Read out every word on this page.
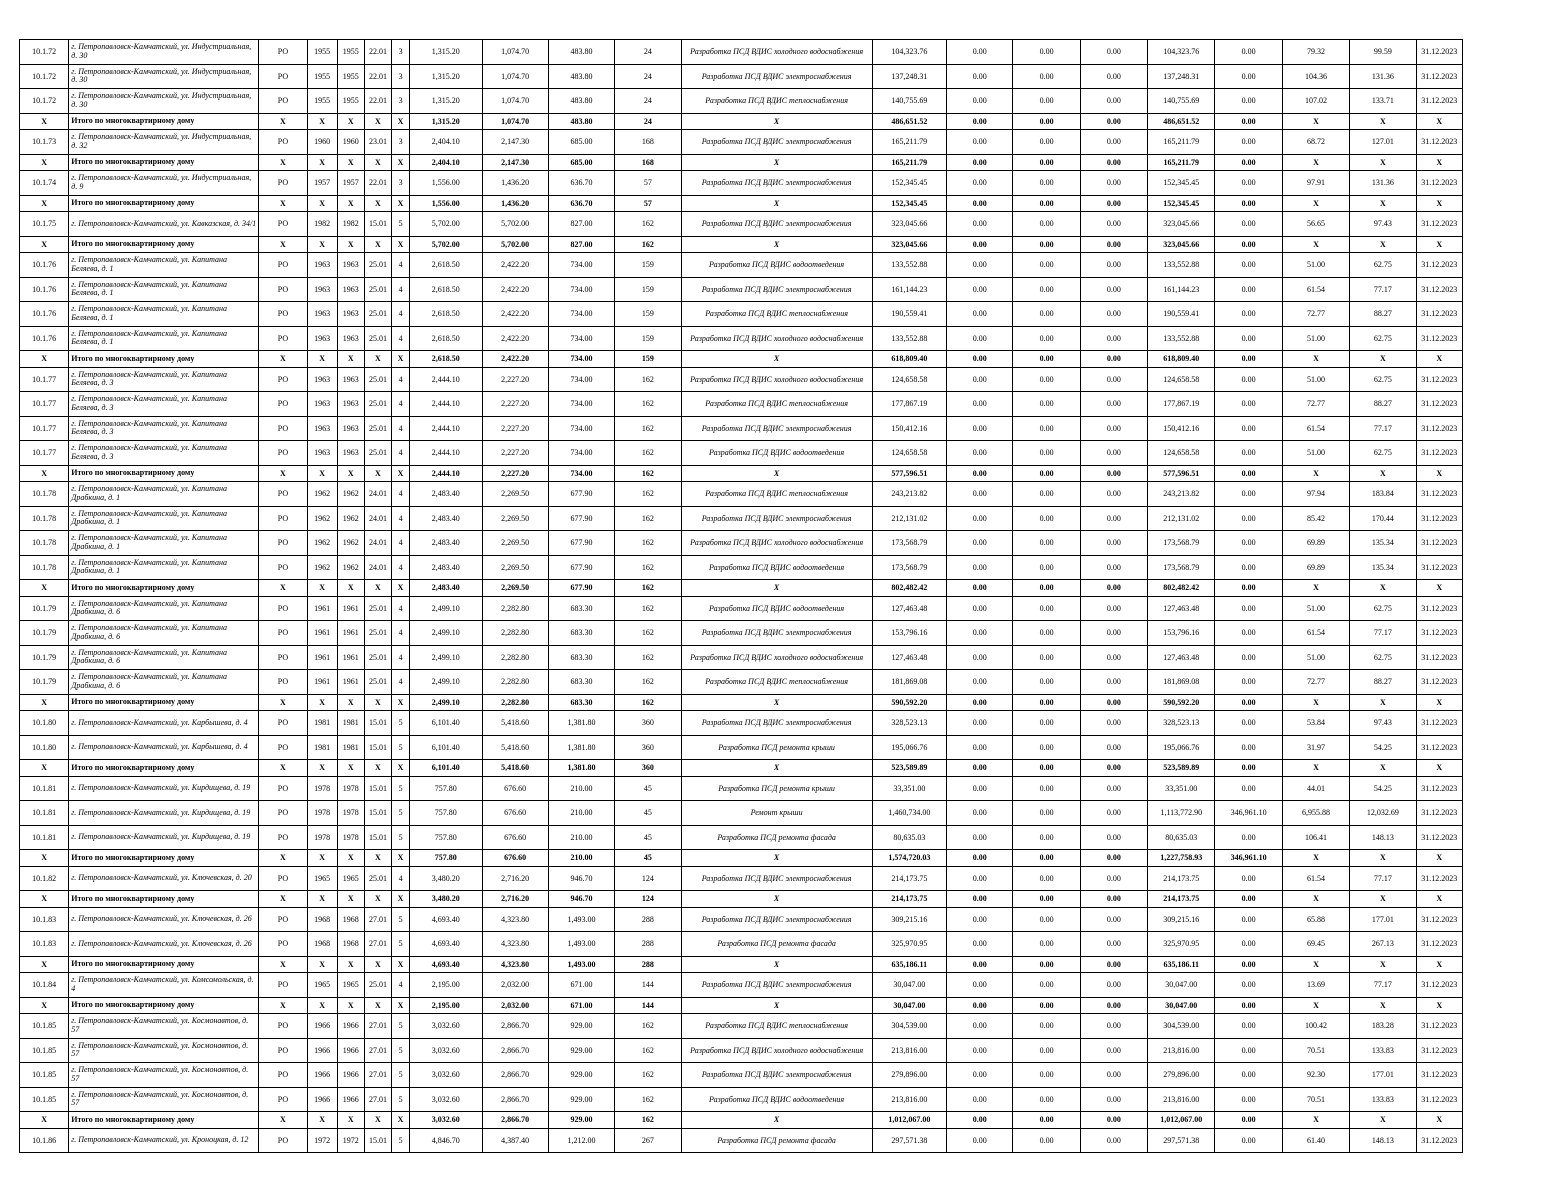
10.1.72	г. Петропавловск-Камчатский, ул. Индустриальная, д. 30	РО	1955	1955	22.01	3	1,315.20	1,074.70	483.80	24	Разработка ПСД ВДИС холодного водоснабжения	104,323.76	0.00	0.00	0.00	104,323.76	0.00	79.32	99.59	31.12.2023
10.1.72	г. Петропавловск-Камчатский, ул. Индустриальная, д. 30	РО	1955	1955	22.01	3	1,315.20	1,074.70	483.80	24	Разработка ПСД ВДИС электроснабжения	137,248.31	0.00	0.00	0.00	137,248.31	0.00	104.36	131.36	31.12.2023
10.1.72	г. Петропавловск-Камчатский, ул. Индустриальная, д. 30	РО	1955	1955	22.01	3	1,315.20	1,074.70	483.80	24	Разработка ПСД ВДИС теплоснабжения	140,755.69	0.00	0.00	0.00	140,755.69	0.00	107.02	133.71	31.12.2023
X	Итого по многоквартирному дому	X	X	X	X	X	1,315.20	1,074.70	483.80	24	X	486,651.52	0.00	0.00	0.00	486,651.52	0.00	X	X	X
10.1.73	г. Петропавловск-Камчатский, ул. Индустриальная, д. 32	РО	1960	1960	23.01	3	2,404.10	2,147.30	685.00	168	Разработка ПСД ВДИС электроснабжения	165,211.79	0.00	0.00	0.00	165,211.79	0.00	68.72	127.01	31.12.2023
X	Итого по многоквартирному дому	X	X	X	X	X	2,404.10	2,147.30	685.00	168	X	165,211.79	0.00	0.00	0.00	165,211.79	0.00	X	X	X
10.1.74	г. Петропавловск-Камчатский, ул. Индустриальная, д. 9	РО	1957	1957	22.01	3	1,556.00	1,436.20	636.70	57	Разработка ПСД ВДИС электроснабжения	152,345.45	0.00	0.00	0.00	152,345.45	0.00	97.91	131.36	31.12.2023
X	Итого по многоквартирному дому	X	X	X	X	X	1,556.00	1,436.20	636.70	57	X	152,345.45	0.00	0.00	0.00	152,345.45	0.00	X	X	X
10.1.75	г. Петропавловск-Камчатский, ул. Кавказская, д. 34/1	РО	1982	1982	15.01	5	5,702.00	5,702.00	827.00	162	Разработка ПСД ВДИС электроснабжения	323,045.66	0.00	0.00	0.00	323,045.66	0.00	56.65	97.43	31.12.2023
X	Итого по многоквартирному дому	X	X	X	X	X	5,702.00	5,702.00	827.00	162	X	323,045.66	0.00	0.00	0.00	323,045.66	0.00	X	X	X
10.1.76	г. Петропавловск-Камчатский, ул. Капитана Беляева, д. 1	РО	1963	1963	25.01	4	2,618.50	2,422.20	734.00	159	Разработка ПСД ВДИС водоотведения	133,552.88	0.00	0.00	0.00	133,552.88	0.00	51.00	62.75	31.12.2023
10.1.76	г. Петропавловск-Камчатский, ул. Капитана Беляева, д. 1	РО	1963	1963	25.01	4	2,618.50	2,422.20	734.00	159	Разработка ПСД ВДИС электроснабжения	161,144.23	0.00	0.00	0.00	161,144.23	0.00	61.54	77.17	31.12.2023
10.1.76	г. Петропавловск-Камчатский, ул. Капитана Беляева, д. 1	РО	1963	1963	25.01	4	2,618.50	2,422.20	734.00	159	Разработка ПСД ВДИС теплоснабжения	190,559.41	0.00	0.00	0.00	190,559.41	0.00	72.77	88.27	31.12.2023
10.1.76	г. Петропавловск-Камчатский, ул. Капитана Беляева, д. 1	РО	1963	1963	25.01	4	2,618.50	2,422.20	734.00	159	Разработка ПСД ВДИС холодного водоснабжения	133,552.88	0.00	0.00	0.00	133,552.88	0.00	51.00	62.75	31.12.2023
X	Итого по многоквартирному дому	X	X	X	X	X	2,618.50	2,422.20	734.00	159	X	618,809.40	0.00	0.00	0.00	618,809.40	0.00	X	X	X
10.1.77	г. Петропавловск-Камчатский, ул. Капитана Беляева, д. 3	РО	1963	1963	25.01	4	2,444.10	2,227.20	734.00	162	Разработка ПСД ВДИС холодного водоснабжения	124,658.58	0.00	0.00	0.00	124,658.58	0.00	51.00	62.75	31.12.2023
10.1.77	г. Петропавловск-Камчатский, ул. Капитана Беляева, д. 3	РО	1963	1963	25.01	4	2,444.10	2,227.20	734.00	162	Разработка ПСД ВДИС теплоснабжения	177,867.19	0.00	0.00	0.00	177,867.19	0.00	72.77	88.27	31.12.2023
10.1.77	г. Петропавловск-Камчатский, ул. Капитана Беляева, д. 3	РО	1963	1963	25.01	4	2,444.10	2,227.20	734.00	162	Разработка ПСД ВДИС электроснабжения	150,412.16	0.00	0.00	0.00	150,412.16	0.00	61.54	77.17	31.12.2023
10.1.77	г. Петропавловск-Камчатский, ул. Капитана Беляева, д. 3	РО	1963	1963	25.01	4	2,444.10	2,227.20	734.00	162	Разработка ПСД ВДИС водоотведения	124,658.58	0.00	0.00	0.00	124,658.58	0.00	51.00	62.75	31.12.2023
X	Итого по многоквартирному дому	X	X	X	X	X	2,444.10	2,227.20	734.00	162	X	577,596.51	0.00	0.00	0.00	577,596.51	0.00	X	X	X
10.1.78	г. Петропавловск-Камчатский, ул. Капитана Драбкина, д. 1	РО	1962	1962	24.01	4	2,483.40	2,269.50	677.90	162	Разработка ПСД ВДИС теплоснабжения	243,213.82	0.00	0.00	0.00	243,213.82	0.00	97.94	183.84	31.12.2023
10.1.78	г. Петропавловск-Камчатский, ул. Капитана Драбкина, д. 1	РО	1962	1962	24.01	4	2,483.40	2,269.50	677.90	162	Разработка ПСД ВДИС электроснабжения	212,131.02	0.00	0.00	0.00	212,131.02	0.00	85.42	170.44	31.12.2023
10.1.78	г. Петропавловск-Камчатский, ул. Капитана Драбкина, д. 1	РО	1962	1962	24.01	4	2,483.40	2,269.50	677.90	162	Разработка ПСД ВДИС холодного водоснабжения	173,568.79	0.00	0.00	0.00	173,568.79	0.00	69.89	135.34	31.12.2023
10.1.78	г. Петропавловск-Камчатский, ул. Капитана Драбкина, д. 1	РО	1962	1962	24.01	4	2,483.40	2,269.50	677.90	162	Разработка ПСД ВДИС водоотведения	173,568.79	0.00	0.00	0.00	173,568.79	0.00	69.89	135.34	31.12.2023
X	Итого по многоквартирному дому	X	X	X	X	X	2,483.40	2,269.50	677.90	162	X	802,482.42	0.00	0.00	0.00	802,482.42	0.00	X	X	X
10.1.79	г. Петропавловск-Камчатский, ул. Капитана Драбкина, д. 6	РО	1961	1961	25.01	4	2,499.10	2,282.80	683.30	162	Разработка ПСД ВДИС водоотведения	127,463.48	0.00	0.00	0.00	127,463.48	0.00	51.00	62.75	31.12.2023
10.1.79	г. Петропавловск-Камчатский, ул. Капитана Драбкина, д. 6	РО	1961	1961	25.01	4	2,499.10	2,282.80	683.30	162	Разработка ПСД ВДИС электроснабжения	153,796.16	0.00	0.00	0.00	153,796.16	0.00	61.54	77.17	31.12.2023
10.1.79	г. Петропавловск-Камчатский, ул. Капитана Драбкина, д. 6	РО	1961	1961	25.01	4	2,499.10	2,282.80	683.30	162	Разработка ПСД ВДИС холодного водоснабжения	127,463.48	0.00	0.00	0.00	127,463.48	0.00	51.00	62.75	31.12.2023
10.1.79	г. Петропавловск-Камчатский, ул. Капитана Драбкина, д. 6	РО	1961	1961	25.01	4	2,499.10	2,282.80	683.30	162	Разработка ПСД ВДИС теплоснабжения	181,869.08	0.00	0.00	0.00	181,869.08	0.00	72.77	88.27	31.12.2023
X	Итого по многоквартирному дому	X	X	X	X	X	2,499.10	2,282.80	683.30	162	X	590,592.20	0.00	0.00	0.00	590,592.20	0.00	X	X	X
10.1.80	г. Петропавловск-Камчатский, ул. Карбышева, д. 4	РО	1981	1981	15.01	5	6,101.40	5,418.60	1,381.80	360	Разработка ПСД ВДИС электроснабжения	328,523.13	0.00	0.00	0.00	328,523.13	0.00	53.84	97.43	31.12.2023
10.1.80	г. Петропавловск-Камчатский, ул. Карбышева, д. 4	РО	1981	1981	15.01	5	6,101.40	5,418.60	1,381.80	360	Разработка ПСД ремонта крыши	195,066.76	0.00	0.00	0.00	195,066.76	0.00	31.97	54.25	31.12.2023
X	Итого по многоквартирному дому	X	X	X	X	X	6,101.40	5,418.60	1,381.80	360	X	523,589.89	0.00	0.00	0.00	523,589.89	0.00	X	X	X
10.1.81	г. Петропавловск-Камчатский, ул. Кирдищева, д. 19	РО	1978	1978	15.01	5	757.80	676.60	210.00	45	Разработка ПСД ремонта крыши	33,351.00	0.00	0.00	0.00	33,351.00	0.00	44.01	54.25	31.12.2023
10.1.81	г. Петропавловск-Камчатский, ул. Кирдищева, д. 19	РО	1978	1978	15.01	5	757.80	676.60	210.00	45	Ремонт крыши	1,460,734.00	0.00	0.00	0.00	1,113,772.90	346,961.10	6,955.88	12,032.69	31.12.2023
10.1.81	г. Петропавловск-Камчатский, ул. Кирдищева, д. 19	РО	1978	1978	15.01	5	757.80	676.60	210.00	45	Разработка ПСД ремонта фасада	80,635.03	0.00	0.00	0.00	80,635.03	0.00	106.41	148.13	31.12.2023
X	Итого по многоквартирному дому	X	X	X	X	X	757.80	676.60	210.00	45	X	1,574,720.03	0.00	0.00	0.00	1,227,758.93	346,961.10	X	X	X
10.1.82	г. Петропавловск-Камчатский, ул. Ключевская, д. 20	РО	1965	1965	25.01	4	3,480.20	2,716.20	946.70	124	Разработка ПСД ВДИС электроснабжения	214,173.75	0.00	0.00	0.00	214,173.75	0.00	61.54	77.17	31.12.2023
X	Итого по многоквартирному дому	X	X	X	X	X	3,480.20	2,716.20	946.70	124	X	214,173.75	0.00	0.00	0.00	214,173.75	0.00	X	X	X
10.1.83	г. Петропавловск-Камчатский, ул. Ключевская, д. 26	РО	1968	1968	27.01	5	4,693.40	4,323.80	1,493.00	288	Разработка ПСД ВДИС электроснабжения	309,215.16	0.00	0.00	0.00	309,215.16	0.00	65.88	177.01	31.12.2023
10.1.83	г. Петропавловск-Камчатский, ул. Ключевская, д. 26	РО	1968	1968	27.01	5	4,693.40	4,323.80	1,493.00	288	Разработка ПСД ремонта фасада	325,970.95	0.00	0.00	0.00	325,970.95	0.00	69.45	267.13	31.12.2023
X	Итого по многоквартирному дому	X	X	X	X	X	4,693.40	4,323.80	1,493.00	288	X	635,186.11	0.00	0.00	0.00	635,186.11	0.00	X	X	X
10.1.84	г. Петропавловск-Камчатский, ул. Комсомольская, д. 4	РО	1965	1965	25.01	4	2,195.00	2,032.00	671.00	144	Разработка ПСД ВДИС электроснабжения	30,047.00	0.00	0.00	0.00	30,047.00	0.00	13.69	77.17	31.12.2023
X	Итого по многоквартирному дому	X	X	X	X	X	2,195.00	2,032.00	671.00	144	X	30,047.00	0.00	0.00	0.00	30,047.00	0.00	X	X	X
10.1.85	г. Петропавловск-Камчатский, ул. Космонавтов, д. 57	РО	1966	1966	27.01	5	3,032.60	2,866.70	929.00	162	Разработка ПСД ВДИС теплоснабжения	304,539.00	0.00	0.00	0.00	304,539.00	0.00	100.42	183.28	31.12.2023
10.1.85	г. Петропавловск-Камчатский, ул. Космонавтов, д. 57	РО	1966	1966	27.01	5	3,032.60	2,866.70	929.00	162	Разработка ПСД ВДИС холодного водоснабжения	213,816.00	0.00	0.00	0.00	213,816.00	0.00	70.51	133.83	31.12.2023
10.1.85	г. Петропавловск-Камчатский, ул. Космонавтов, д. 57	РО	1966	1966	27.01	5	3,032.60	2,866.70	929.00	162	Разработка ПСД ВДИС электроснабжения	279,896.00	0.00	0.00	0.00	279,896.00	0.00	92.30	177.01	31.12.2023
10.1.85	г. Петропавловск-Камчатский, ул. Космонавтов, д. 57	РО	1966	1966	27.01	5	3,032.60	2,866.70	929.00	162	Разработка ПСД ВДИС водоотведения	213,816.00	0.00	0.00	0.00	213,816.00	0.00	70.51	133.83	31.12.2023
X	Итого по многоквартирному дому	X	X	X	X	X	3,032.60	2,866.70	929.00	162	X	1,012,067.00	0.00	0.00	0.00	1,012,067.00	0.00	X	X	X
10.1.86	г. Петропавловск-Камчатский, ул. Кроноцкая, д. 12	РО	1972	1972	15.01	5	4,846.70	4,387.40	1,212.00	267	Разработка ПСД ремонта фасада	297,571.38	0.00	0.00	0.00	297,571.38	0.00	61.40	148.13	31.12.2023
